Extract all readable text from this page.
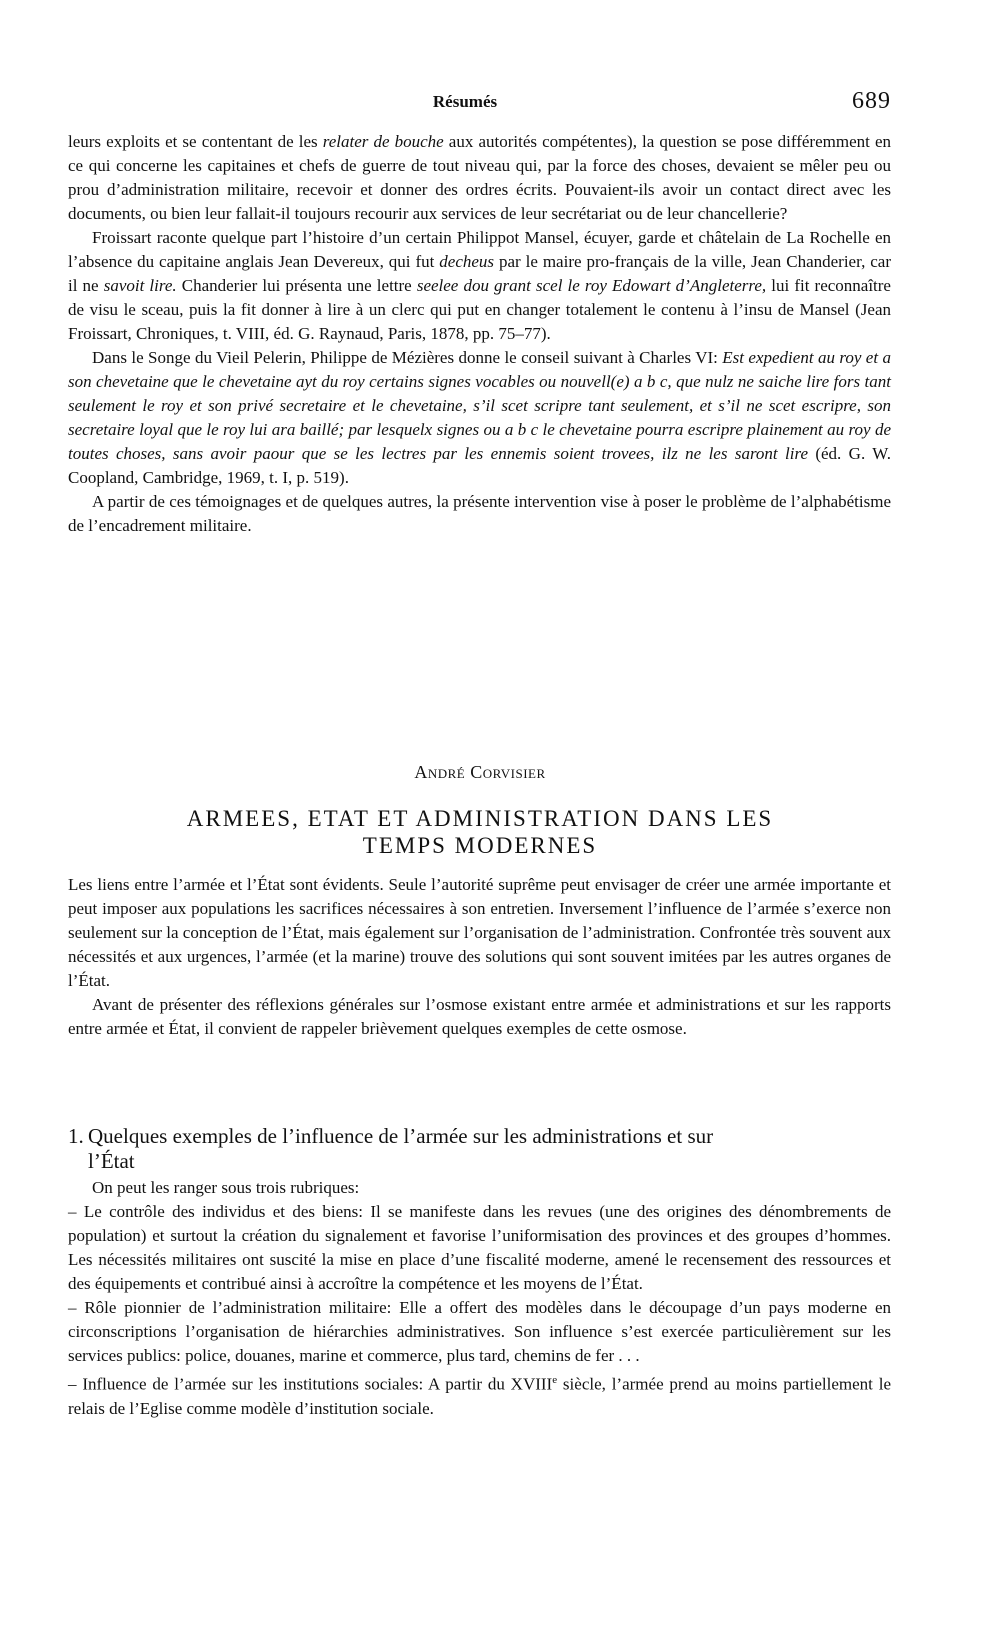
Résumés	689

leurs exploits et se contentant de les relater de bouche aux autorités compétentes), la question se pose différemment en ce qui concerne les capitaines et chefs de guerre de tout niveau qui, par la force des choses, devaient se mêler peu ou prou d’administration militaire, recevoir et donner des ordres écrits. Pouvaient-ils avoir un contact direct avec les documents, ou bien leur fallait-il toujours recourir aux services de leur secrétariat ou de leur chancellerie?

Froissart raconte quelque part l’histoire d’un certain Philippot Mansel, écuyer, garde et châtelain de La Rochelle en l’absence du capitaine anglais Jean Devereux, qui fut decheus par le maire pro-français de la ville, Jean Chanderier, car il ne savoit lire. Chanderier lui présenta une lettre seelee dou grant scel le roy Edowart d’Angleterre, lui fit reconnaître de visu le sceau, puis la fit donner à lire à un clerc qui put en changer totalement le contenu à l’insu de Mansel (Jean Froissart, Chroniques, t. VIII, éd. G. Raynaud, Paris, 1878, pp. 75–77).

Dans le Songe du Vieil Pelerin, Philippe de Mézières donne le conseil suivant à Charles VI: Est expedient au roy et a son chevetaine que le chevetaine ayt du roy certains signes vocables ou nouvell(e) a b c, que nulz ne saiche lire fors tant seulement le roy et son privé secretaire et le chevetaine, s’il scet scripre tant seulement, et s’il ne scet escripre, son secretaire loyal que le roy lui ara baillé; par lesquelx signes ou a b c le chevetaine pourra escripre plainement au roy de toutes choses, sans avoir paour que se les lectres par les ennemis soient trovees, ilz ne les saront lire (éd. G. W. Coopland, Cambridge, 1969, t. I, p. 519).

A partir de ces témoignages et de quelques autres, la présente intervention vise à poser le problème de l’alphabétisme de l’encadrement militaire.

André Corvisier
ARMEES, ETAT ET ADMINISTRATION DANS LES
TEMPS MODERNES

Les liens entre l’armée et l’État sont évidents. Seule l’autorité suprême peut envisager de créer une armée importante et peut imposer aux populations les sacrifices nécessaires à son entretien. Inversement l’influence de l’armée s’exerce non seulement sur la conception de l’État, mais également sur l’organisation de l’administration. Confrontée très souvent aux nécessités et aux urgences, l’armée (et la marine) trouve des solutions qui sont souvent imitées par les autres organes de l’État.

Avant de présenter des réflexions générales sur l’osmose existant entre armée et administrations et sur les rapports entre armée et État, il convient de rappeler brièvement quelques exemples de cette osmose.

1. Quelques exemples de l’influence de l’armée sur les administrations et sur
l’État

On peut les ranger sous trois rubriques:

– Le contrôle des individus et des biens: Il se manifeste dans les revues (une des origines des dénombrements de population) et surtout la création du signalement et favorise l’uniformisation des provinces et des groupes d’hommes. Les nécessités militaires ont suscité la mise en place d’une fiscalité moderne, amené le recensement des ressources et des équipements et contribué ainsi à accroître la compétence et les moyens de l’État.

– Rôle pionnier de l’administration militaire: Elle a offert des modèles dans le découpage d’un pays moderne en circonscriptions l’organisation de hiérarchies administratives. Son influence s’est exercée particulièrement sur les services publics: police, douanes, marine et commerce, plus tard, chemins de fer . . .

– Influence de l’armée sur les institutions sociales: A partir du XVIIIe siècle, l’armée prend au moins partiellement le relais de l’Eglise comme modèle d’institution sociale.
